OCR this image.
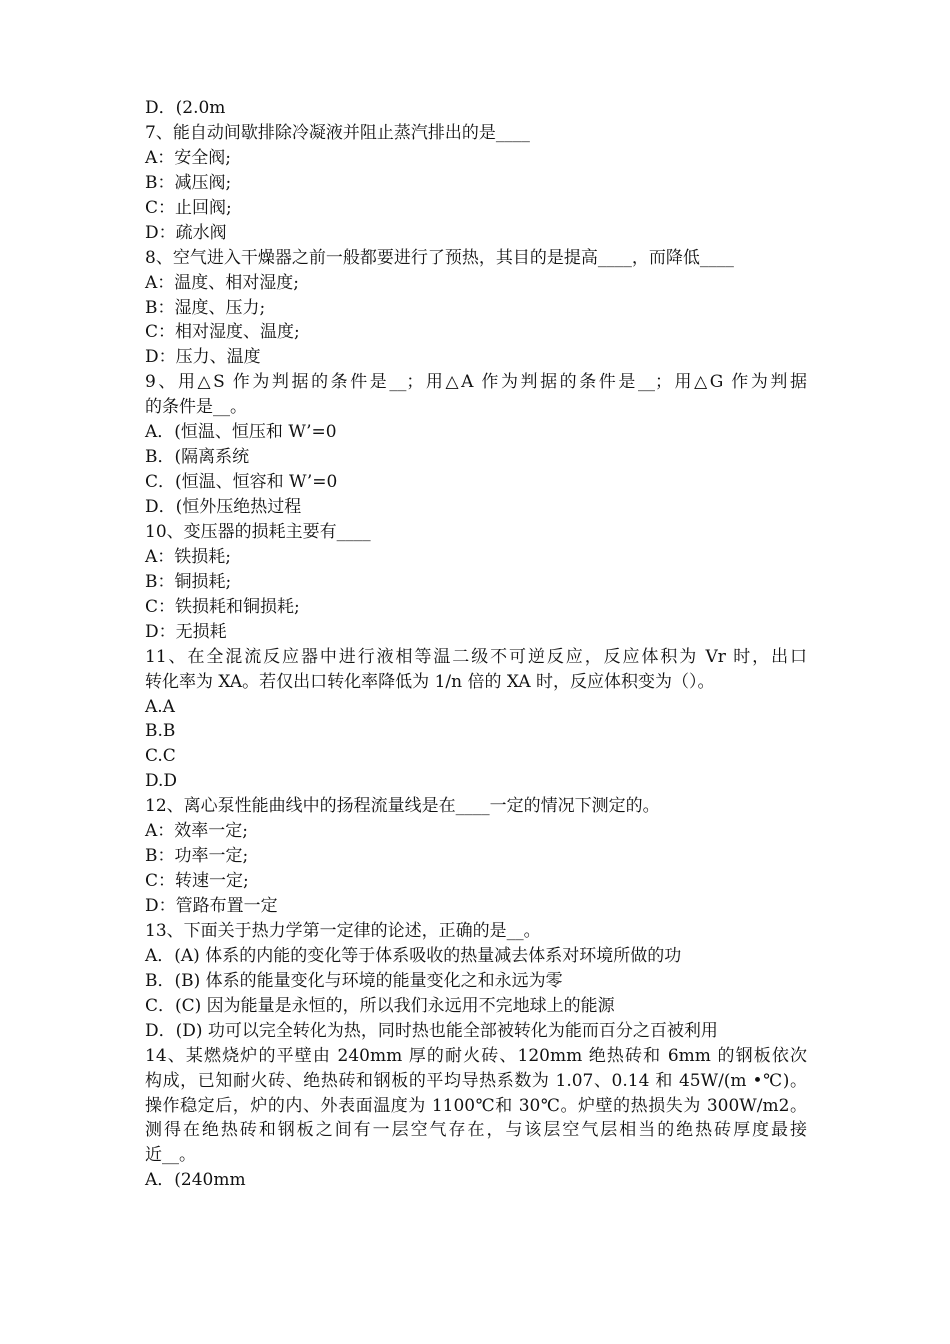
D．(2.0m
7、能自动间歇排除冷凝液并阻止蒸汽排出的是____
A：安全阀;
B：减压阀;
C：止回阀;
D：疏水阀
8、空气进入干燥器之前一般都要进行了预热，其目的是提高____，而降低____
A：温度、相对湿度;
B：湿度、压力;
C：相对湿度、温度;
D：压力、温度
9、用△S 作为判据的条件是__；用△A 作为判据的条件是__；用△G 作为判据
的条件是__。
A．(恒温、恒压和 W’=0
B．(隔离系统
C．(恒温、恒容和 W’=0
D．(恒外压绝热过程
10、变压器的损耗主要有____
A：铁损耗;
B：铜损耗;
C：铁损耗和铜损耗;
D：无损耗
11、在全混流反应器中进行液相等温二级不可逆反应，反应体积为 Vr 时，出口
转化率为 XA。若仅出口转化率降低为 1/n 倍的 XA 时，反应体积变为（）。
A.A
B.B
C.C
D.D
12、离心泵性能曲线中的扬程流量线是在____一定的情况下测定的。
A：效率一定;
B：功率一定;
C：转速一定;
D：管路布置一定
13、下面关于热力学第一定律的论述，正确的是__。
A．(A) 体系的内能的变化等于体系吸收的热量减去体系对环境所做的功
B．(B) 体系的能量变化与环境的能量变化之和永远为零
C．(C) 因为能量是永恒的，所以我们永远用不完地球上的能源
D．(D) 功可以完全转化为热，同时热也能全部被转化为能而百分之百被利用
14、某燃烧炉的平壁由 240mm 厚的耐火砖、120mm 绝热砖和 6mm 的钢板依次
构成，已知耐火砖、绝热砖和钢板的平均导热系数为 1.07、0.14 和 45W/(m •℃)。
操作稳定后，炉的内、外表面温度为 1100℃和 30℃。炉壁的热损失为 300W/m2。
测得在绝热砖和钢板之间有一层空气存在，与该层空气层相当的绝热砖厚度最接
近__。
A．(240mm
